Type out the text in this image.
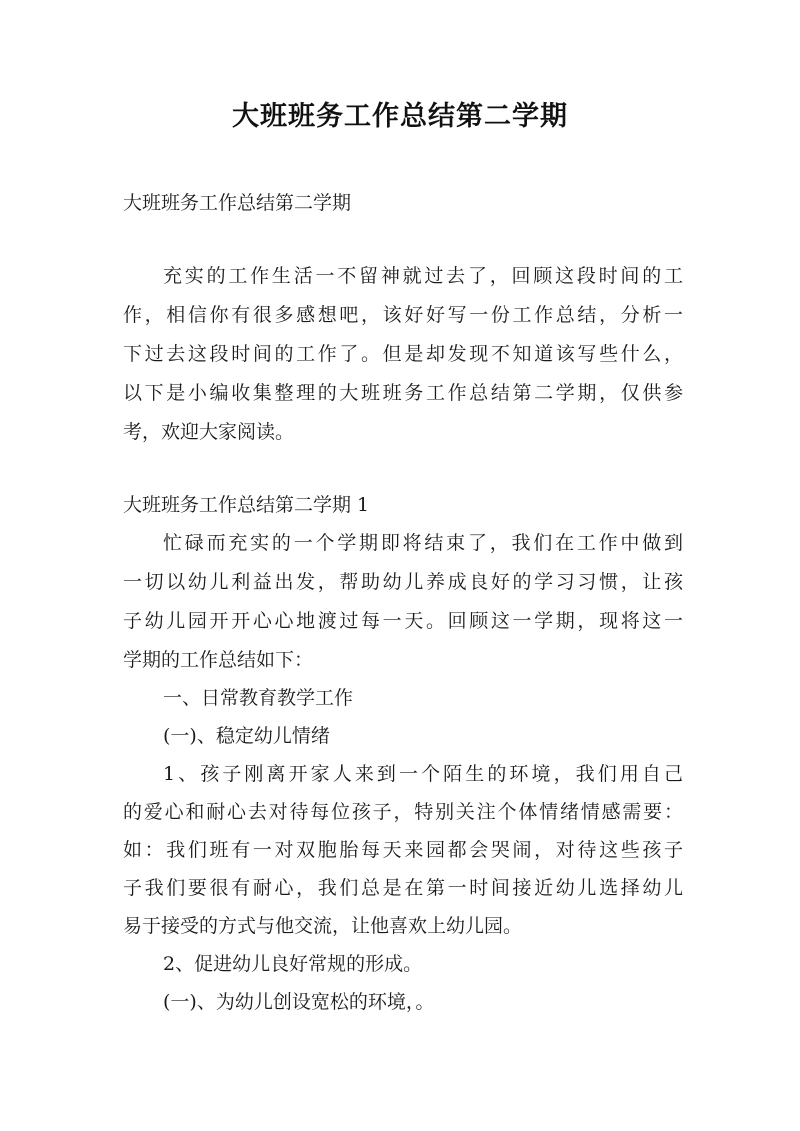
大班班务工作总结第二学期
大班班务工作总结第二学期
充实的工作生活一不留神就过去了，回顾这段时间的工
作，相信你有很多感想吧，该好好写一份工作总结，分析一
下过去这段时间的工作了。但是却发现不知道该写些什么，
以下是小编收集整理的大班班务工作总结第二学期，仅供参
考，欢迎大家阅读。
大班班务工作总结第二学期 1
忙碌而充实的一个学期即将结束了，我们在工作中做到
一切以幼儿利益出发，帮助幼儿养成良好的学习习惯，让孩
子幼儿园开开心心地渡过每一天。回顾这一学期，现将这一
学期的工作总结如下：
一、日常教育教学工作
(一)、稳定幼儿情绪
1、孩子刚离开家人来到一个陌生的环境，我们用自己
的爱心和耐心去对待每位孩子，特别关注个体情绪情感需要：
如：我们班有一对双胞胎每天来园都会哭闹，对待这些孩子
子我们要很有耐心，我们总是在第一时间接近幼儿选择幼儿
易于接受的方式与他交流，让他喜欢上幼儿园。
2、促进幼儿良好常规的形成。
(一)、为幼儿创设宽松的环境，。
